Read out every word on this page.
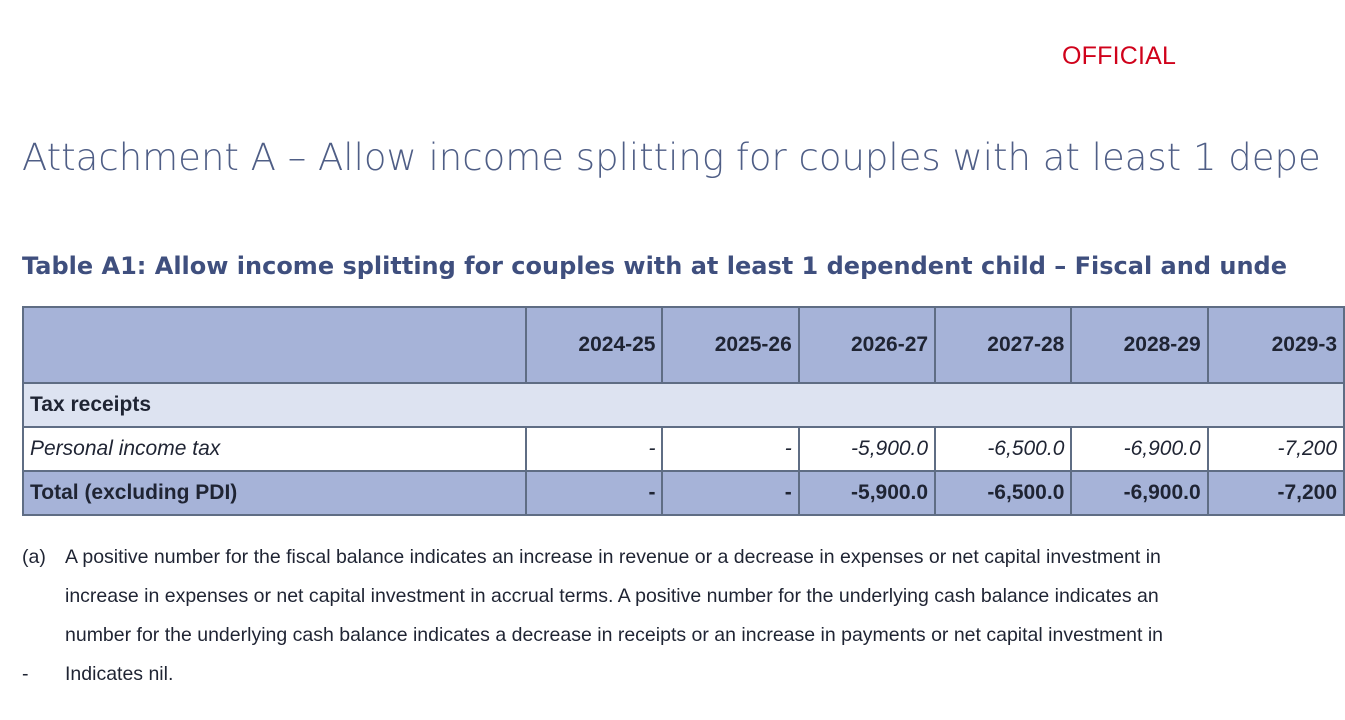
OFFICIAL
Attachment A – Allow income splitting for couples with at least 1 depe
Table A1: Allow income splitting for couples with at least 1 dependent child – Fiscal and unde
	2024-25	2025-26	2026-27	2027-28	2028-29	2029-3
Tax receipts						
Personal income tax	-	-	-5,900.0	-6,500.0	-6,900.0	-7,200
Total (excluding PDI)	-	-	-5,900.0	-6,500.0	-6,900.0	-7,200
(a) A positive number for the fiscal balance indicates an increase in revenue or a decrease in expenses or net capital investment in
increase in expenses or net capital investment in accrual terms. A positive number for the underlying cash balance indicates an
number for the underlying cash balance indicates a decrease in receipts or an increase in payments or net capital investment in
- Indicates nil.
